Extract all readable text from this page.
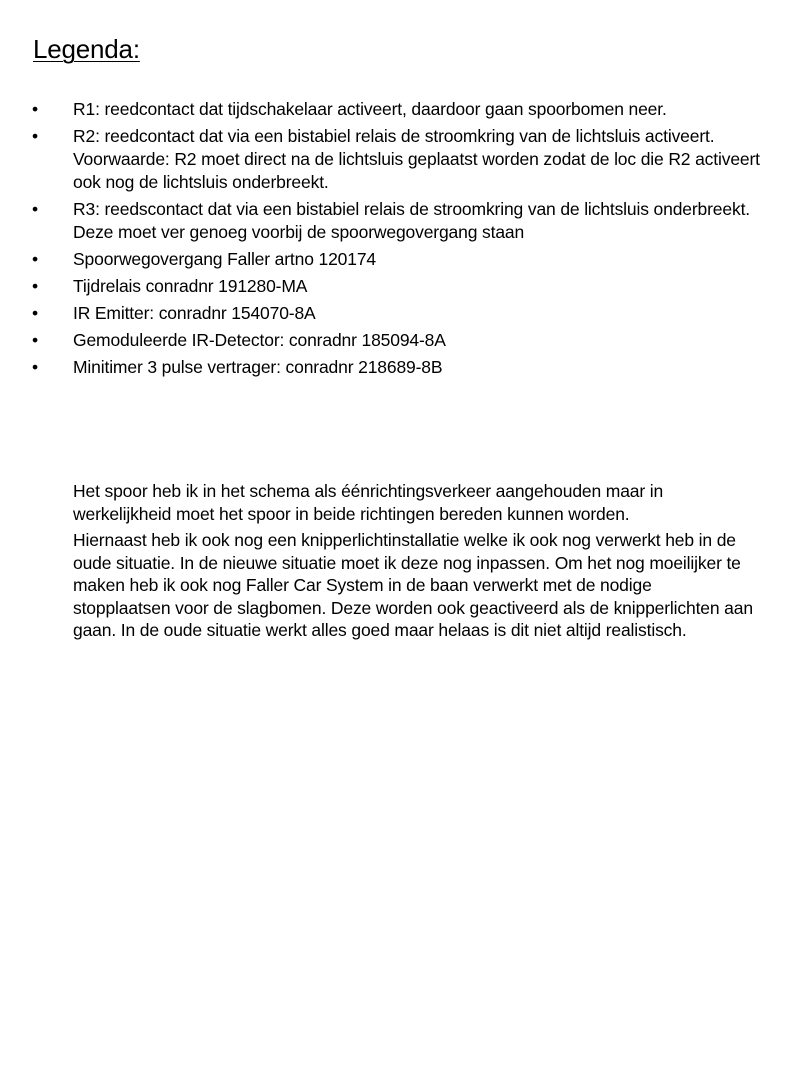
Legenda:
• R1: reedcontact dat tijdschakelaar activeert, daardoor gaan spoorbomen neer.
• R2: reedcontact dat via een bistabiel relais de stroomkring van de lichtsluis activeert. Voorwaarde: R2 moet direct na de lichtsluis geplaatst worden zodat de loc die R2 activeert ook nog de lichtsluis onderbreekt.
• R3: reedscontact dat via een bistabiel relais de stroomkring van de lichtsluis onderbreekt. Deze moet ver genoeg voorbij de spoorwegovergang staan
• Spoorwegovergang Faller artno 120174
• Tijdrelais conradnr 191280-MA
• IR Emitter: conradnr 154070-8A
• Gemoduleerde IR-Detector: conradnr 185094-8A
• Minitimer 3 pulse vertrager: conradnr 218689-8B

Het spoor heb ik in het schema als éénrichtingsverkeer aangehouden maar in werkelijkheid moet het spoor in beide richtingen bereden kunnen worden.

Hiernaast heb ik ook nog een knipperlichtinstallatie welke ik ook nog verwerkt heb in de oude situatie. In de nieuwe situatie moet ik deze nog inpassen. Om het nog moeilijker te maken heb ik ook nog Faller Car System in de baan verwerkt met de nodige stopplaatsen voor de slagbomen. Deze worden ook geactiveerd als de knipperlichten aan gaan. In de oude situatie werkt alles goed maar helaas is dit niet altijd realistisch.
